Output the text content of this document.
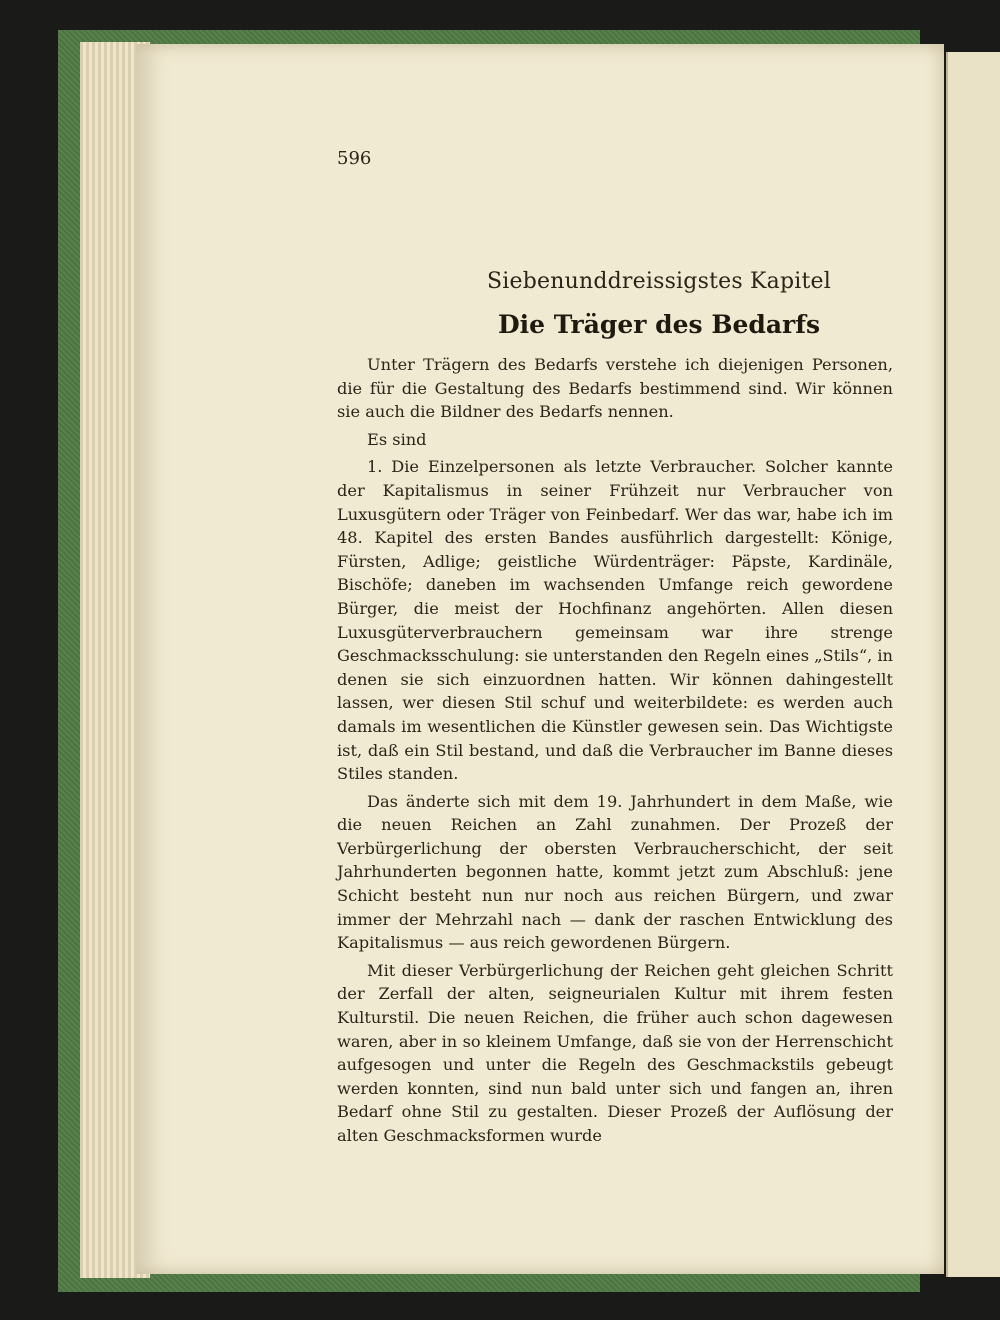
596
Siebenunddreissigstes Kapitel
Die Träger des Bedarfs

Unter Trägern des Bedarfs verstehe ich diejenigen Personen, die für die Gestaltung des Bedarfs bestimmend sind. Wir können sie auch die Bildner des Bedarfs nennen.

Es sind

1. Die Einzelpersonen als letzte Verbraucher. Solcher kannte der Kapitalismus in seiner Frühzeit nur Verbraucher von Luxusgütern oder Träger von Feinbedarf. Wer das war, habe ich im 48. Kapitel des ersten Bandes ausführlich dargestellt: Könige, Fürsten, Adlige; geistliche Würdenträger: Päpste, Kardinäle, Bischöfe; daneben im wachsenden Umfange reich gewordene Bürger, die meist der Hochfinanz angehörten. Allen diesen Luxusgüterverbrauchern gemeinsam war ihre strenge Geschmacksschulung: sie unterstanden den Regeln eines „Stils“, in denen sie sich einzuordnen hatten. Wir können dahingestellt lassen, wer diesen Stil schuf und weiterbildete: es werden auch damals im wesentlichen die Künstler gewesen sein. Das Wichtigste ist, daß ein Stil bestand, und daß die Verbraucher im Banne dieses Stiles standen.

Das änderte sich mit dem 19. Jahrhundert in dem Maße, wie die neuen Reichen an Zahl zunahmen. Der Prozeß der Verbürgerlichung der obersten Verbraucherschicht, der seit Jahrhunderten begonnen hatte, kommt jetzt zum Abschluß: jene Schicht besteht nun nur noch aus reichen Bürgern, und zwar immer der Mehrzahl nach — dank der raschen Entwicklung des Kapitalismus — aus reich gewordenen Bürgern.

Mit dieser Verbürgerlichung der Reichen geht gleichen Schritt der Zerfall der alten, seigneurialen Kultur mit ihrem festen Kulturstil. Die neuen Reichen, die früher auch schon dagewesen waren, aber in so kleinem Umfange, daß sie von der Herrenschicht aufgesogen und unter die Regeln des Geschmackstils gebeugt werden konnten, sind nun bald unter sich und fangen an, ihren Bedarf ohne Stil zu gestalten. Dieser Prozeß der Auflösung der alten Geschmacksformen wurde
